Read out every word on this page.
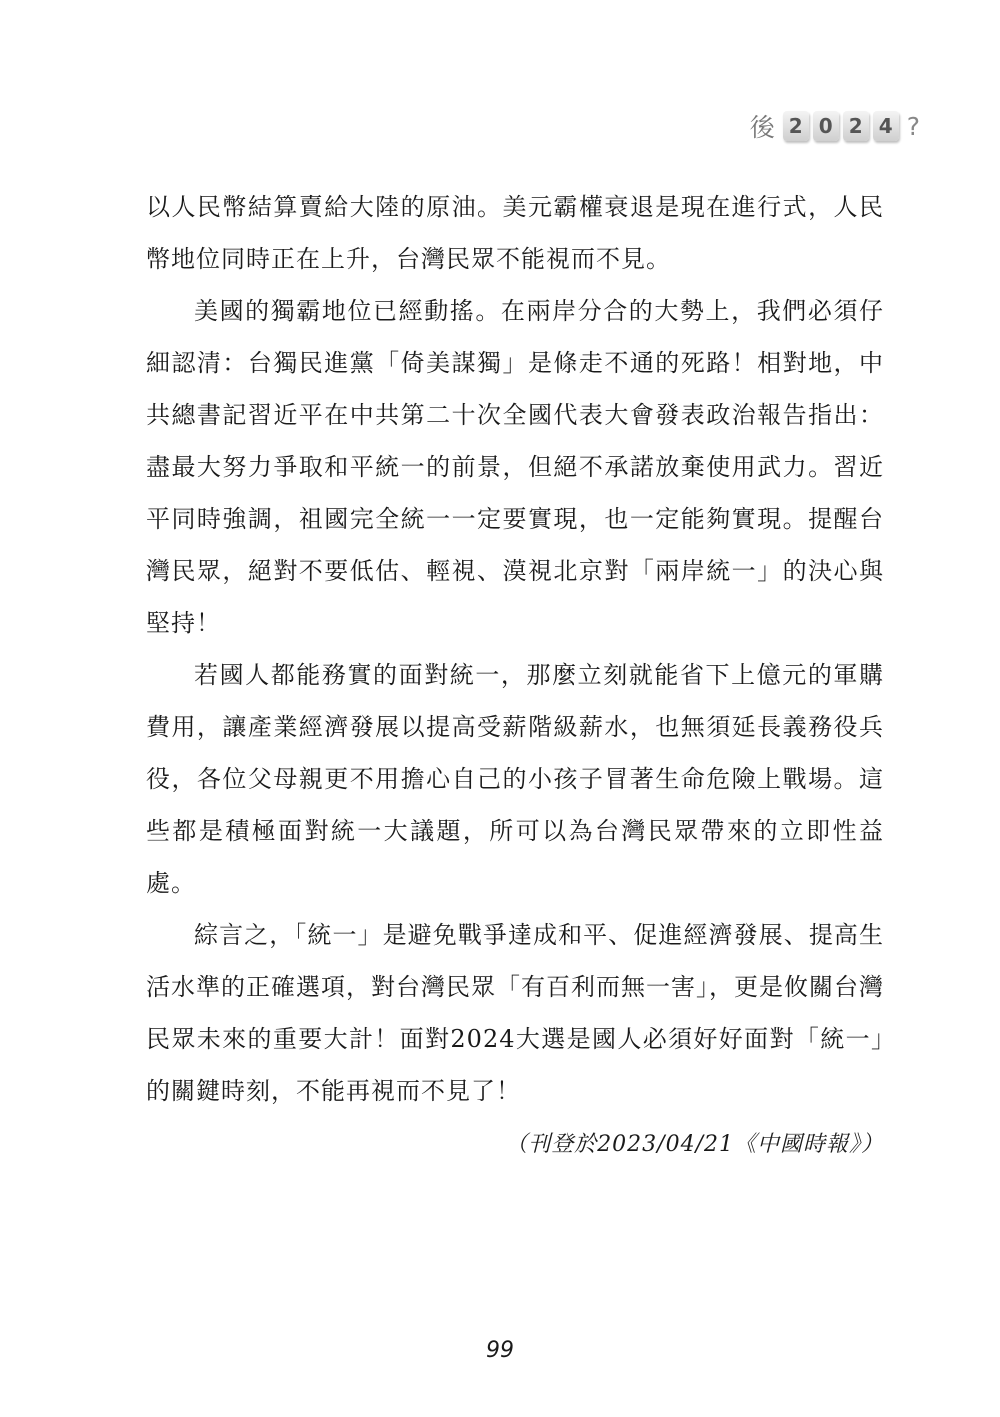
後 2 0 2 4 ?

以人民幣結算賣給大陸的原油。美元霸權衰退是現在進行式，人民幣地位同時正在上升，台灣民眾不能視而不見。

美國的獨霸地位已經動搖。在兩岸分合的大勢上，我們必須仔細認清：台獨民進黨「倚美謀獨」是條走不通的死路！相對地，中共總書記習近平在中共第二十次全國代表大會發表政治報告指出：盡最大努力爭取和平統一的前景，但絕不承諾放棄使用武力。習近平同時強調，祖國完全統一一定要實現，也一定能夠實現。提醒台灣民眾，絕對不要低估、輕視、漠視北京對「兩岸統一」的決心與堅持！

若國人都能務實的面對統一，那麼立刻就能省下上億元的軍購費用，讓產業經濟發展以提高受薪階級薪水，也無須延長義務役兵役，各位父母親更不用擔心自己的小孩子冒著生命危險上戰場。這些都是積極面對統一大議題，所可以為台灣民眾帶來的立即性益處。

綜言之，「統一」是避免戰爭達成和平、促進經濟發展、提高生活水準的正確選項，對台灣民眾「有百利而無一害」，更是攸關台灣民眾未來的重要大計！面對2024大選是國人必須好好面對「統一」的關鍵時刻，不能再視而不見了！

（刊登於2023/04/21《中國時報》）

99
